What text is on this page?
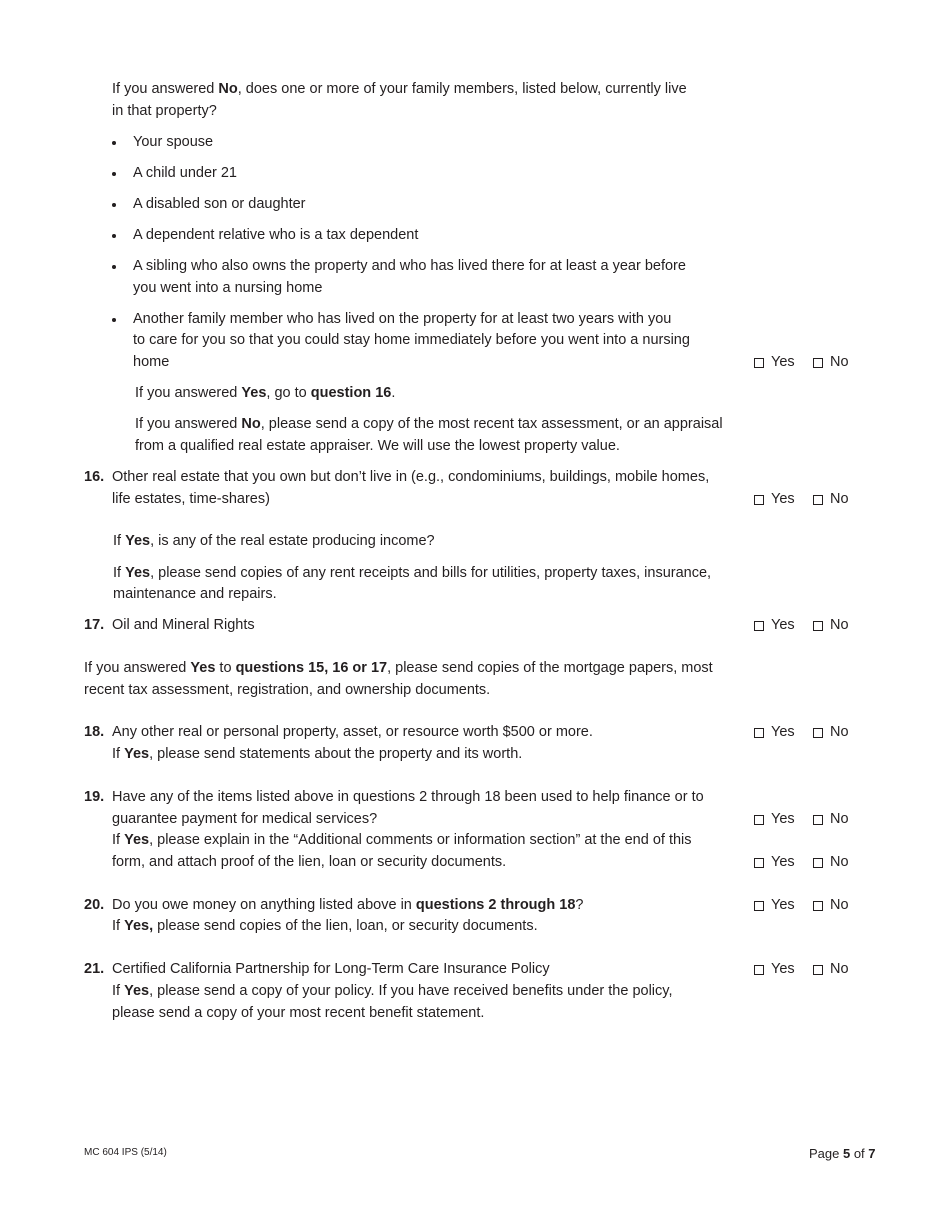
If you answered No, does one or more of your family members, listed below, currently live
in that property?
Your spouse
A child under 21
A disabled son or daughter
A dependent relative who is a tax dependent
A sibling who also owns the property and who has lived there for at least a year before
you went into a nursing home
Another family member who has lived on the property for at least two years with you
to care for you so that you could stay home immediately before you went into a nursing
home	Yes No
If you answered Yes, go to question 16.
If you answered No, please send a copy of the most recent tax assessment, or an appraisal
from a qualified real estate appraiser. We will use the lowest property value.
16. Other real estate that you own but don’t live in (e.g., condominiums, buildings, mobile homes,
life estates, time-shares)	Yes No
If Yes, is any of the real estate producing income?
If Yes, please send copies of any rent receipts and bills for utilities, property taxes, insurance,
maintenance and repairs.
17. Oil and Mineral Rights	Yes No
If you answered Yes to questions 15, 16 or 17, please send copies of the mortgage papers, most
recent tax assessment, registration, and ownership documents.
18. Any other real or personal property, asset, or resource worth $500 or more.
If Yes, please send statements about the property and its worth.
Yes No
19. Have any of the items listed above in questions 2 through 18 been used to help finance or to
guarantee payment for medical services?
If Yes, please explain in the “Additional comments or information section” at the end of this
form, and attach proof of the lien, loan or security documents.
Yes No
Yes No
20. Do you owe money on anything listed above in questions 2 through 18?
If Yes, please send copies of the lien, loan, or security documents.
Yes No
21. Certified California Partnership for Long-Term Care Insurance Policy
If Yes, please send a copy of your policy. If you have received benefits under the policy,
please send a copy of your most recent benefit statement.
Yes No
MC 604 IPS (5/14)	Page 5 of 7
